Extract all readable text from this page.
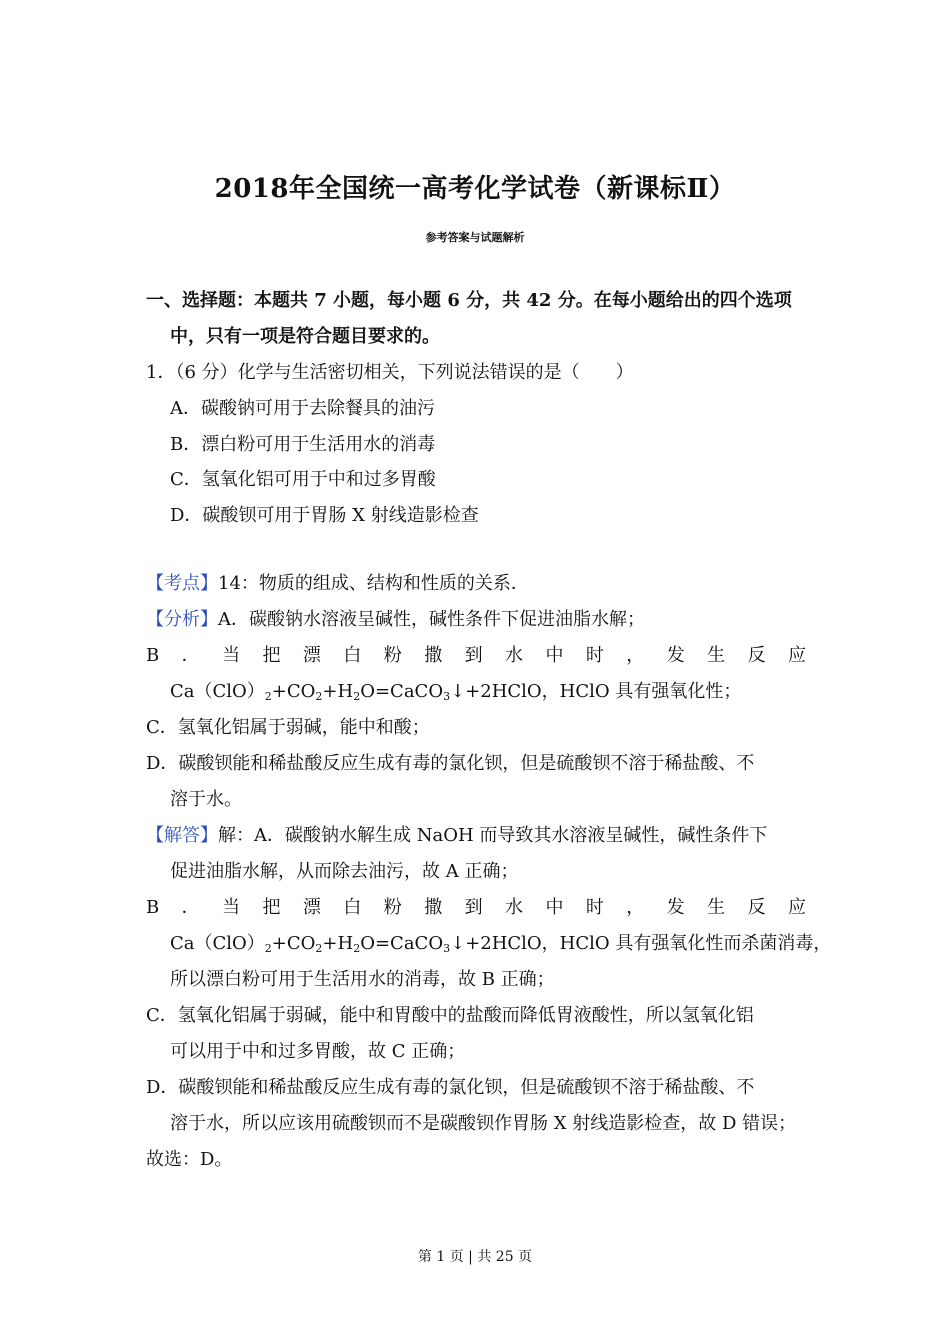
2018年全国统一高考化学试卷（新课标Ⅱ）
参考答案与试题解析
一、选择题：本题共 7 小题，每小题 6 分，共 42 分。在每小题给出的四个选项
中，只有一项是符合题目要求的。
1．（6 分）化学与生活密切相关，下列说法错误的是（　　）
A．碳酸钠可用于去除餐具的油污
B．漂白粉可用于生活用水的消毒
C．氢氧化铝可用于中和过多胃酸
D．碳酸钡可用于胃肠 X 射线造影检查
【考点】14：物质的组成、结构和性质的关系．
【分析】A．碳酸钠水溶液呈碱性，碱性条件下促进油脂水解；
B ． 当 把 漂 白 粉 撒 到 水 中 时 ， 发 生 反 应
$Ca(ClO)_2+CO_2+H_2O=CaCO_3↓+2HClO$，HClO 具有强氧化性；
C．氢氧化铝属于弱碱，能中和酸；
D．碳酸钡能和稀盐酸反应生成有毒的氯化钡，但是硫酸钡不溶于稀盐酸、不
溶于水。
【解答】解：A．碳酸钠水解生成 NaOH 而导致其水溶液呈碱性，碱性条件下
促进油脂水解，从而除去油污，故 A 正确；
B ． 当 把 漂 白 粉 撒 到 水 中 时 ， 发 生 反 应
$Ca(ClO)_2+CO_2+H_2O=CaCO_3↓+2HClO$，HClO 具有强氧化性而杀菌消毒，
所以漂白粉可用于生活用水的消毒，故 B 正确；
C．氢氧化铝属于弱碱，能中和胃酸中的盐酸而降低胃液酸性，所以氢氧化铝
可以用于中和过多胃酸，故 C 正确；
D．碳酸钡能和稀盐酸反应生成有毒的氯化钡，但是硫酸钡不溶于稀盐酸、不
溶于水，所以应该用硫酸钡而不是碳酸钡作胃肠 X 射线造影检查，故 D 错误；
故选：D。
第 1 页 | 共 25 页
